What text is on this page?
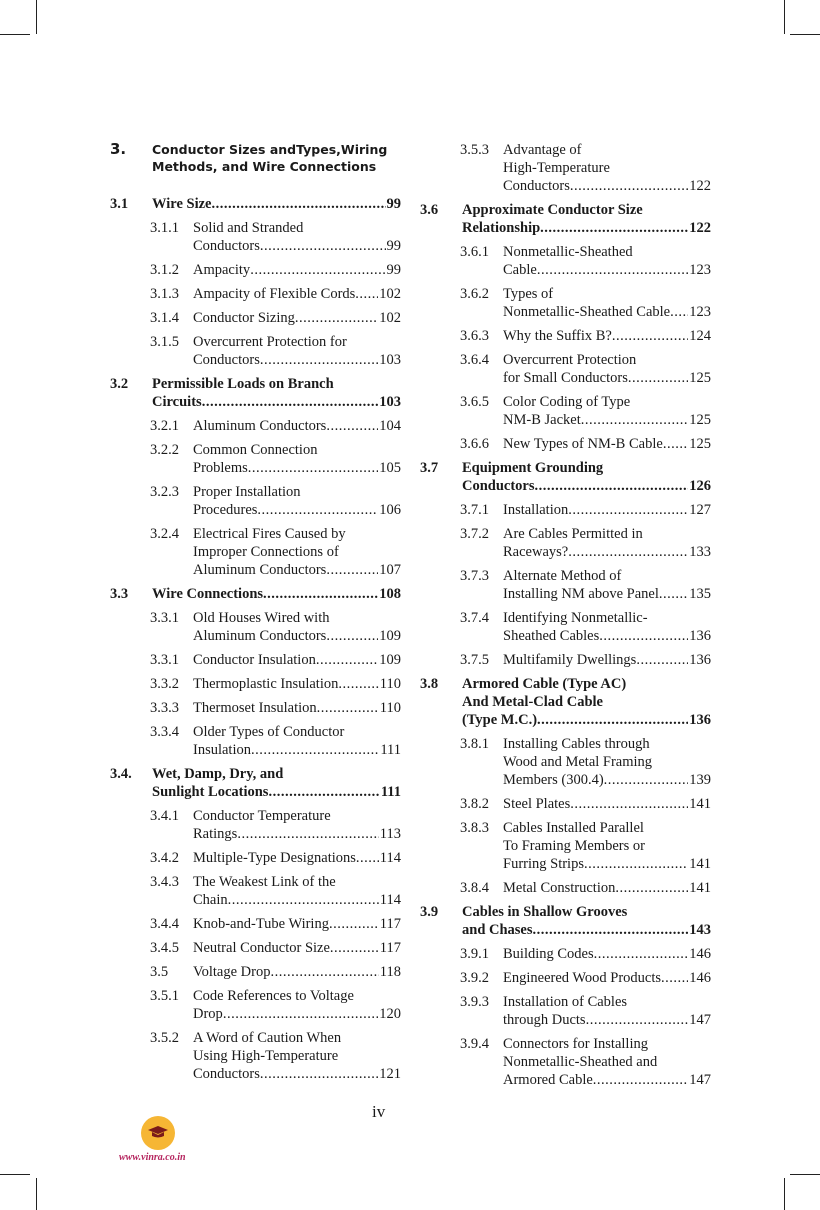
3.	Conductor Sizes andTypes,Wiring
Methods, and Wire Connections
3.1	Wire Size .....	99
3.1.1 Solid and Stranded
Conductors .....	99
3.1.2 Ampacity .....	99
3.1.3 Ampacity of Flexible Cords ..... 102
3.1.4 Conductor Sizing .....	102
3.1.5 Overcurrent Protection for
Conductors .....	103
3.2	Permissible Loads on Branch
Circuits .....	103
3.2.1 Aluminum Conductors .....	104
3.2.2 Common Connection
Problems .....	105
3.2.3 Proper Installation
Procedures .....	106
3.2.4 Electrical Fires Caused by
Improper Connections of
Aluminum Conductors .....	107
3.3	Wire Connections .....	108
3.3.1 Old Houses Wired with
Aluminum Conductors .....	109
3.3.1 Conductor Insulation .....	109
3.3.2 Thermoplastic Insulation .....	110
3.3.3 Thermoset Insulation .....	110
3.3.4 Older Types of Conductor
Insulation .....	111
3.4.	Wet, Damp, Dry, and
Sunlight Locations .....	111
3.4.1 Conductor Temperature
Ratings .....	113
3.4.2 Multiple-Type Designations ..... 114
3.4.3 The Weakest Link of the
Chain .....	114
3.4.4 Knob-and-Tube Wiring .....	117
3.4.5 Neutral Conductor Size .....	117
3.5	Voltage Drop .....	118
3.5.1 Code References to Voltage
Drop .....	120
3.5.2 A Word of Caution When
Using High-Temperature
Conductors .....	121
3.5.3 Advantage of
High-Temperature
Conductors .....	122
3.6	Approximate Conductor Size
Relationship .....	122
3.6.1 Nonmetallic-Sheathed
Cable .....	123
3.6.2 Types of
Nonmetallic-Sheathed Cable ..... 123
3.6.3 Why the Suffix B? .....	124
3.6.4 Overcurrent Protection
for Small Conductors .....	125
3.6.5 Color Coding of Type
NM-B Jacket .....	125
3.6.6 New Types of NM-B Cable ..... 125
3.7	Equipment Grounding
Conductors .....	126
3.7.1 Installation .....	127
3.7.2 Are Cables Permitted in
Raceways? .....	133
3.7.3 Alternate Method of
Installing NM above Panel ..... 135
3.7.4 Identifying Nonmetallic-
Sheathed Cables .....	136
3.7.5 Multifamily Dwellings .....	136
3.8	Armored Cable (Type AC)
And Metal-Clad Cable
(Type M.C.) .....	136
3.8.1 Installing Cables through
Wood and Metal Framing
Members (300.4) .....	139
3.8.2 Steel Plates .....	141
3.8.3 Cables Installed Parallel
To Framing Members or
Furring Strips .....	141
3.8.4 Metal Construction .....	141
3.9	Cables in Shallow Grooves
and Chases .....	143
3.9.1 Building Codes .....	146
3.9.2 Engineered Wood Products ..... 146
3.9.3 Installation of Cables
through Ducts .....	147
3.9.4 Connectors for Installing
Nonmetallic-Sheathed and
Armored Cable .....	147
iv
www.vinra.co.in
